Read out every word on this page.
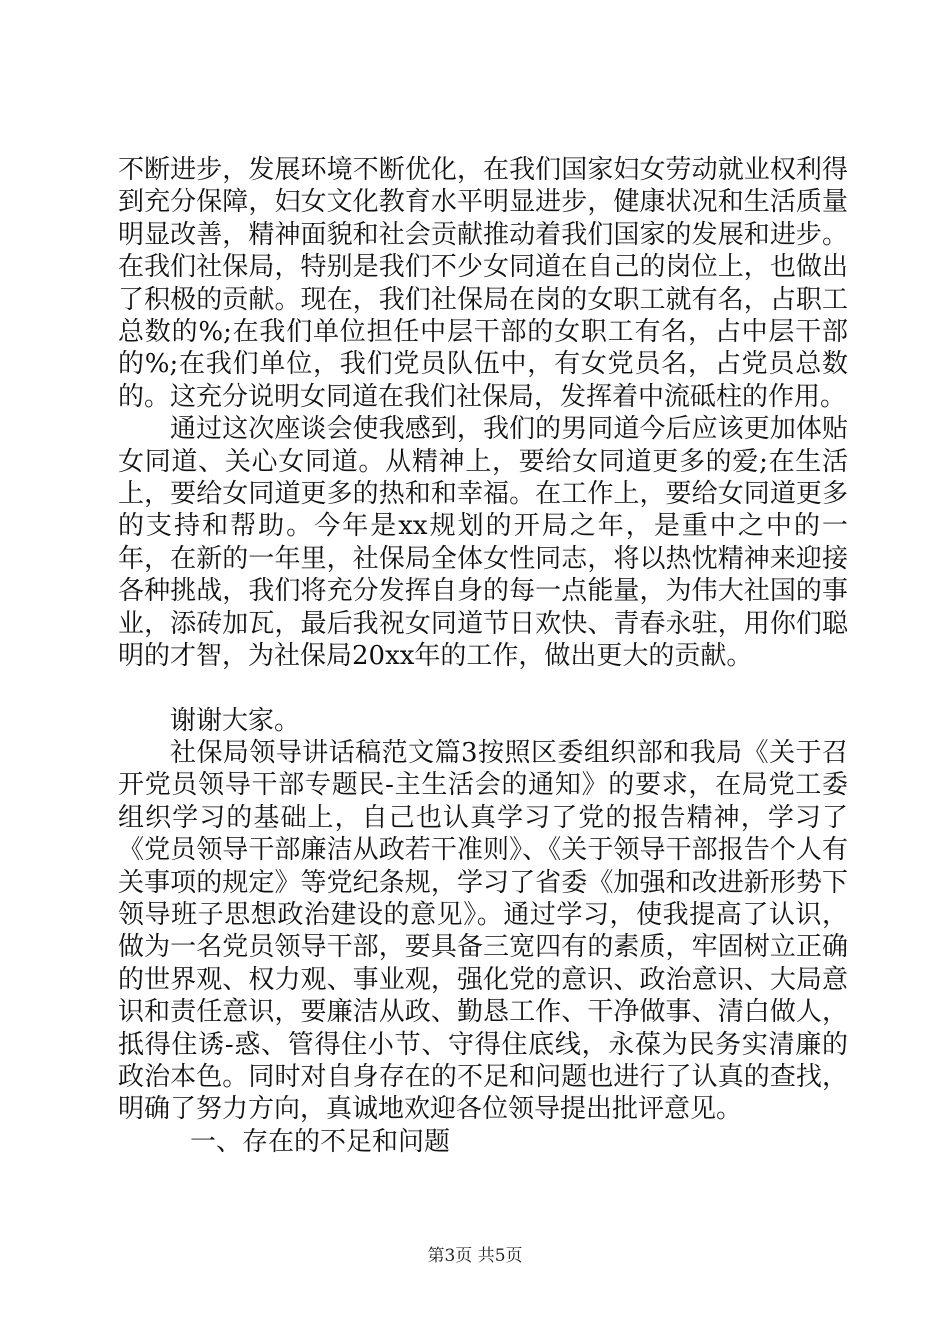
不断进步，发展环境不断优化，在我们国家妇女劳动就业权利得到充分保障，妇女文化教育水平明显进步，健康状况和生活质量明显改善，精神面貌和社会贡献推动着我们国家的发展和进步。在我们社保局，特别是我们不少女同道在自己的岗位上，也做出了积极的贡献。现在，我们社保局在岗的女职工就有名，占职工总数的%;在我们单位担任中层干部的女职工有名，占中层干部的%;在我们单位，我们党员队伍中，有女党员名，占党员总数的。这充分说明女同道在我们社保局，发挥着中流砥柱的作用。

通过这次座谈会使我感到，我们的男同道今后应该更加体贴女同道、关心女同道。从精神上，要给女同道更多的爱;在生活上，要给女同道更多的热和和幸福。在工作上，要给女同道更多的支持和帮助。今年是xx规划的开局之年，是重中之中的一年，在新的一年里，社保局全体女性同志，将以热忱精神来迎接各种挑战，我们将充分发挥自身的每一点能量，为伟大社国的事业，添砖加瓦，最后我祝女同道节日欢快、青春永驻，用你们聪明的才智，为社保局20xx年的工作，做出更大的贡献。

谢谢大家。

社保局领导讲话稿范文篇3按照区委组织部和我局《关于召开党员领导干部专题民-主生活会的通知》的要求，在局党工委组织学习的基础上，自己也认真学习了党的报告精神，学习了《党员领导干部廉洁从政若干准则》、《关于领导干部报告个人有关事项的规定》等党纪条规，学习了省委《加强和改进新形势下领导班子思想政治建设的意见》。通过学习，使我提高了认识，做为一名党员领导干部，要具备三宽四有的素质，牢固树立正确的世界观、权力观、事业观，强化党的意识、政治意识、大局意识和责任意识，要廉洁从政、勤恳工作、干净做事、清白做人，抵得住诱-惑、管得住小节、守得住底线，永葆为民务实清廉的政治本色。同时对自身存在的不足和问题也进行了认真的查找，明确了努力方向，真诚地欢迎各位领导提出批评意见。

一、存在的不足和问题

第3页 共5页
